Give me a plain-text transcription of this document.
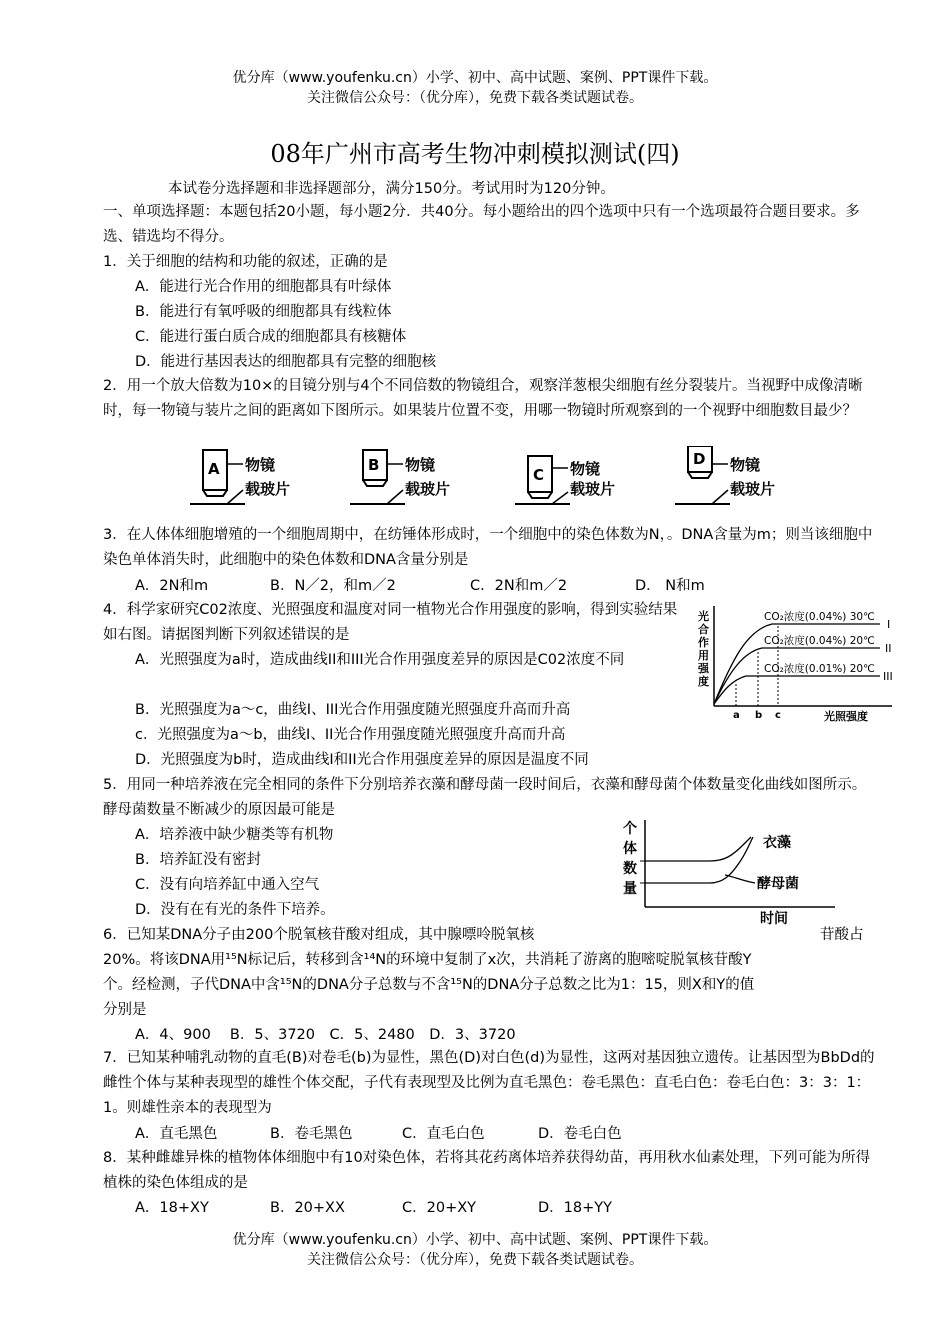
优分库（www.youfenku.cn）小学、初中、高中试题、案例、PPT课件下载。
关注微信公众号：（优分库），免费下载各类试题试卷。
08年广州市高考生物冲刺模拟测试(四)
本试卷分选择题和非选择题部分，满分150分。考试用时为120分钟。
一、单项选择题：本题包括20小题，每小题2分．共40分。每小题给出的四个选项中只有一个选项最符合题目要求。多选、错选均不得分。
1．关于细胞的结构和功能的叙述，正确的是
A．能进行光合作用的细胞都具有叶绿体
B．能进行有氧呼吸的细胞都具有线粒体
C．能进行蛋白质合成的细胞都具有核糖体
D．能进行基因表达的细胞都具有完整的细胞核
2．用一个放大倍数为10×的目镜分别与4个不同倍数的物镜组合，观察洋葱根尖细胞有丝分裂装片。当视野中成像清晰时，每一物镜与装片之间的距离如下图所示。如果装片位置不变，用哪一物镜时所观察到的一个视野中细胞数目最少？
A 物镜
载玻片
B 物镜
载玻片
C 物镜
载玻片
D 物镜
载玻片
3．在人体体细胞增殖的一个细胞周期中，在纺锤体形成时，一个细胞中的染色体数为N，。DNA含量为m；则当该细胞中染色单体消失时，此细胞中的染色体数和DNA含量分别是
A．2N和m	B．N／2，和m／2	C．2N和m／2	D． N和m
4．科学家研究C02浓度、光照强度和温度对同一植物光合作用强度的影响，得到实验结果如右图。请据图判断下列叙述错误的是
A．光照强度为a时，造成曲线II和III光合作用强度差异的原因是C02浓度不同
B．光照强度为a～c，曲线I、III光合作用强度随光照强度升高而升高
c．光照强度为a～b，曲线I、II光合作用强度随光照强度升高而升高
D．光照强度为b时，造成曲线I和II光合作用强度差异的原因是温度不同
光合作用强度
CO₂浓度(0.04%) 30℃
CO₂浓度(0.04%) 20℃
CO₂浓度(0.01%) 20℃
I
II
III
a b c	光照强度
5．用同一种培养液在完全相同的条件下分别培养衣藻和酵母菌一段时间后，衣藻和酵母菌个体数量变化曲线如图所示。酵母菌数量不断减少的原因最可能是
A．培养液中缺少糖类等有机物
B．培养缸没有密封
C．没有向培养缸中通入空气
D．没有在有光的条件下培养。
个
体
数
量
衣藻
酵母菌
时间
6．已知某DNA分子由200个脱氧核苷酸对组成，其中腺嘌呤脱氧核	苷酸占
20%。将该DNA用¹⁵N标记后，转移到含¹⁴N的环境中复制了x次，共消耗了游离的胞嘧啶脱氧核苷酸Y
个。经检测，子代DNA中含¹⁵N的DNA分子总数与不含¹⁵N的DNA分子总数之比为1：15，则X和Y的值
分别是
A．4、900　 B．5、3720　C．5、2480　D．3、3720
7．已知某种哺乳动物的直毛(B)对卷毛(b)为显性，黑色(D)对白色(d)为显性，这两对基因独立遗传。让基因型为BbDd的雌性个体与某种表现型的雄性个体交配，子代有表现型及比例为直毛黑色：卷毛黑色：直毛白色：卷毛白色：3：3：1：1。则雄性亲本的表现型为
A．直毛黑色	B．卷毛黑色	C．直毛白色	D．卷毛白色
8．某种雌雄异株的植物体体细胞中有10对染色体，若将其花药离体培养获得幼苗，再用秋水仙素处理，下列可能为所得植株的染色体组成的是
A．18+XY	B．20+XX	C．20+XY	D．18+YY
优分库（www.youfenku.cn）小学、初中、高中试题、案例、PPT课件下载。
关注微信公众号：（优分库），免费下载各类试题试卷。
